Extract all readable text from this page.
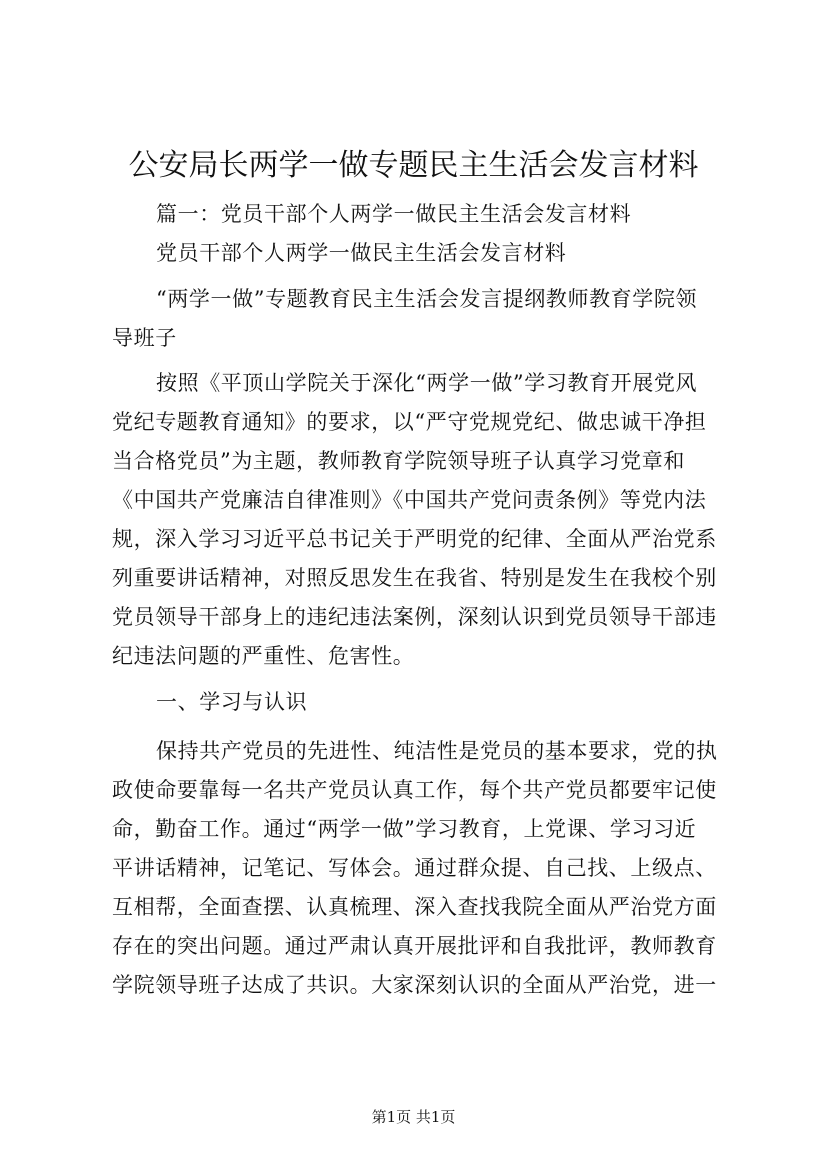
公安局长两学一做专题民主生活会发言材料
篇一：党员干部个人两学一做民主生活会发言材料
党员干部个人两学一做民主生活会发言材料
“两学一做”专题教育民主生活会发言提纲教师教育学院领
导班子
按照《平顶山学院关于深化“两学一做”学习教育开展党风
党纪专题教育通知》的要求，以“严守党规党纪、做忠诚干净担
当合格党员”为主题，教师教育学院领导班子认真学习党章和
《中国共产党廉洁自律准则》《中国共产党问责条例》等党内法
规，深入学习习近平总书记关于严明党的纪律、全面从严治党系
列重要讲话精神，对照反思发生在我省、特别是发生在我校个别
党员领导干部身上的违纪违法案例，深刻认识到党员领导干部违
纪违法问题的严重性、危害性。
一、学习与认识
保持共产党员的先进性、纯洁性是党员的基本要求，党的执
政使命要靠每一名共产党员认真工作，每个共产党员都要牢记使
命，勤奋工作。通过“两学一做”学习教育，上党课、学习习近
平讲话精神，记笔记、写体会。通过群众提、自己找、上级点、
互相帮，全面查摆、认真梳理、深入查找我院全面从严治党方面
存在的突出问题。通过严肃认真开展批评和自我批评，教师教育
学院领导班子达成了共识。大家深刻认识的全面从严治党，进一
第1页 共1页
